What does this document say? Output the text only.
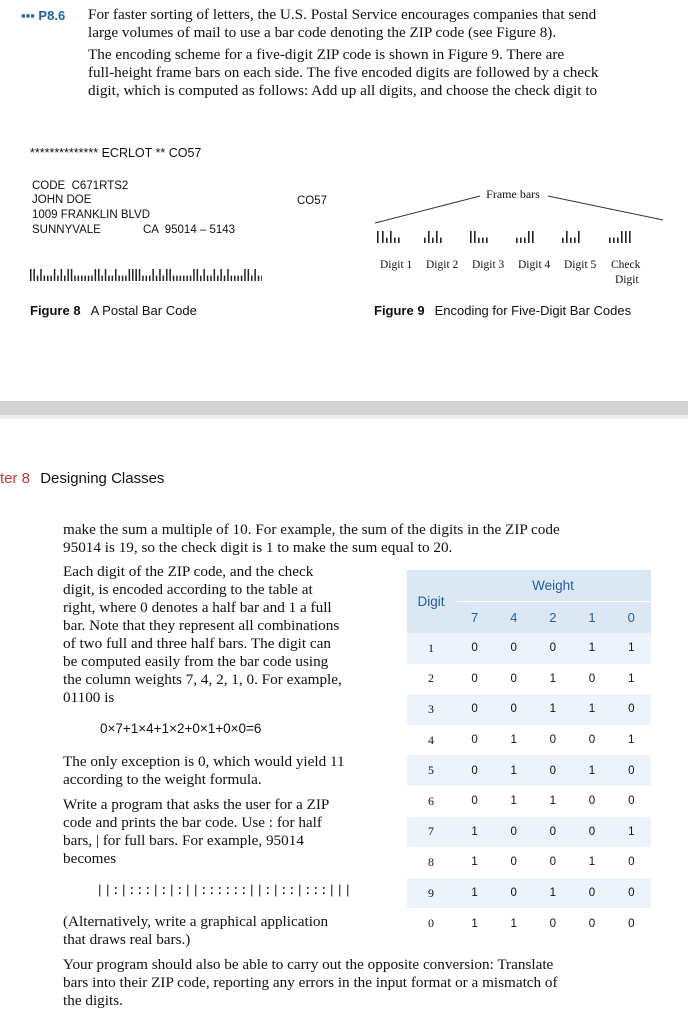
▪▪▪ P8.6 For faster sorting of letters, the U.S. Postal Service encourages companies that send
large volumes of mail to use a bar code denoting the ZIP code (see Figure 8).
The encoding scheme for a five-digit ZIP code is shown in Figure 9. There are
full-height frame bars on each side. The five encoded digits are followed by a check
digit, which is computed as follows: Add up all digits, and choose the check digit to
************** ECRLOT ** CO57
CODE  C671RTS2
JOHN DOE
1009 FRANKLIN BLVD
SUNNYVALE	CA  95014 – 5143
CO57
Figure 8 A Postal Bar Code
Frame bars
Digit 1 Digit 2 Digit 3 Digit 4 Digit 5 Check
Digit
Figure 9 Encoding for Five-Digit Bar Codes
ter 8 Designing Classes
make the sum a multiple of 10. For example, the sum of the digits in the ZIP code
95014 is 19, so the check digit is 1 to make the sum equal to 20.
Each digit of the ZIP code, and the check
digit, is encoded according to the table at
right, where 0 denotes a half bar and 1 a full
bar. Note that they represent all combinations
of two full and three half bars. The digit can
be computed easily from the bar code using
the column weights 7, 4, 2, 1, 0. For example,
01100 is
0×7+1×4+1×2+0×1+0×0=6
The only exception is 0, which would yield 11
according to the weight formula.
Write a program that asks the user for a ZIP
code and prints the bar code. Use : for half
bars, | for full bars. For example, 95014
becomes
||:|:::|:|:||::::::||:|::|:::|||
(Alternatively, write a graphical application
that draws real bars.)
Your program should also be able to carry out the opposite conversion: Translate
bars into their ZIP code, reporting any errors in the input format or a mismatch of
the digits.
Digit	Weight				
	7	4	2	1	0
1	0	0	0	1	1
2	0	0	1	0	1
3	0	0	1	1	0
4	0	1	0	0	1
5	0	1	0	1	0
6	0	1	1	0	0
7	1	0	0	0	1
8	1	0	0	1	0
9	1	0	1	0	0
0	1	1	0	0	0
